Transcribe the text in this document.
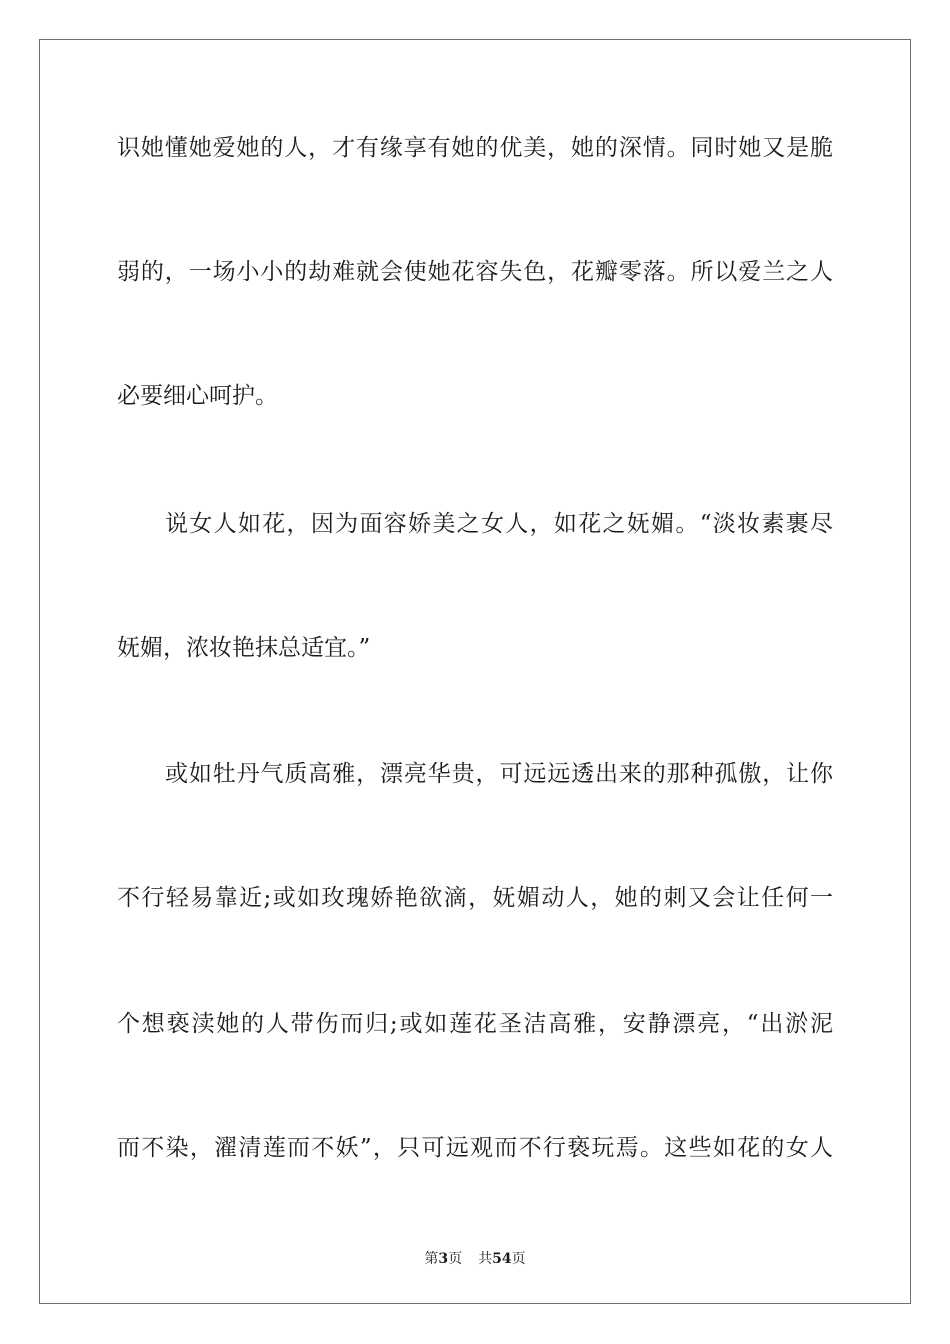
识她懂她爱她的人，才有缘享有她的优美，她的深情。同时她又是脆
弱的，一场小小的劫难就会使她花容失色，花瓣零落。所以爱兰之人
必要细心呵护。
说女人如花，因为面容娇美之女人，如花之妩媚。“淡妆素裹尽
妩媚，浓妆艳抹总适宜。”
或如牡丹气质高雅，漂亮华贵，可远远透出来的那种孤傲，让你
不行轻易靠近;或如玫瑰娇艳欲滴，妩媚动人，她的刺又会让任何一
个想亵渎她的人带伤而归;或如莲花圣洁高雅，安静漂亮，“出淤泥
而不染，濯清莲而不妖”，只可远观而不行亵玩焉。这些如花的女人
第3页 共54页
